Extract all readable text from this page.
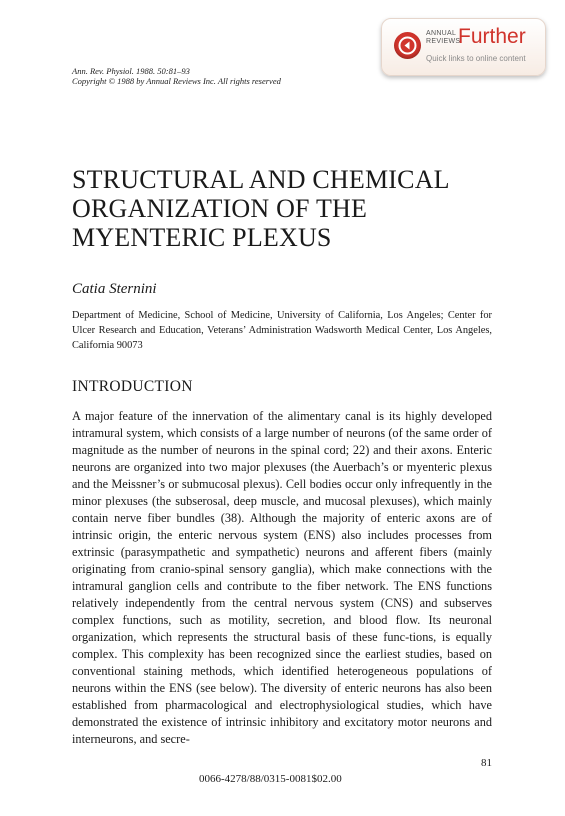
Ann. Rev. Physiol. 1988. 50:81–93
Copyright © 1988 by Annual Reviews Inc. All rights reserved
ANNUAL
REVIEWS
Further
Quick links to online content
STRUCTURAL AND CHEMICAL
ORGANIZATION OF THE
MYENTERIC PLEXUS
Catia Sternini
Department of Medicine, School of Medicine, University of California, Los Angeles; Center for Ulcer Research and Education, Veterans’ Administration Wadsworth Medical Center, Los Angeles, California 90073
INTRODUCTION

A major feature of the innervation of the alimentary canal is its highly developed intramural system, which consists of a large number of neurons (of the same order of magnitude as the number of neurons in the spinal cord; 22) and their axons. Enteric neurons are organized into two major plexuses (the Auerbach’s or myenteric plexus and the Meissner’s or submucosal plexus). Cell bodies occur only infrequently in the minor plexuses (the subserosal, deep muscle, and mucosal plexuses), which mainly contain nerve fiber bundles (38). Although the majority of enteric axons are of intrinsic origin, the enteric nervous system (ENS) also includes processes from extrinsic (parasympathetic and sympathetic) neurons and afferent fibers (mainly originating from cranio-spinal sensory ganglia), which make connections with the intramural ganglion cells and contribute to the fiber network. The ENS functions relatively independently from the central nervous system (CNS) and subserves complex functions, such as motility, secretion, and blood flow. Its neuronal organization, which represents the structural basis of these func-tions, is equally complex. This complexity has been recognized since the earliest studies, based on conventional staining methods, which identified heterogeneous populations of neurons within the ENS (see below). The diversity of enteric neurons has also been established from pharmacological and electrophysiological studies, which have demonstrated the existence of intrinsic inhibitory and excitatory motor neurons and interneurons, and secre-

81
0066-4278/88/0315-0081$02.00
